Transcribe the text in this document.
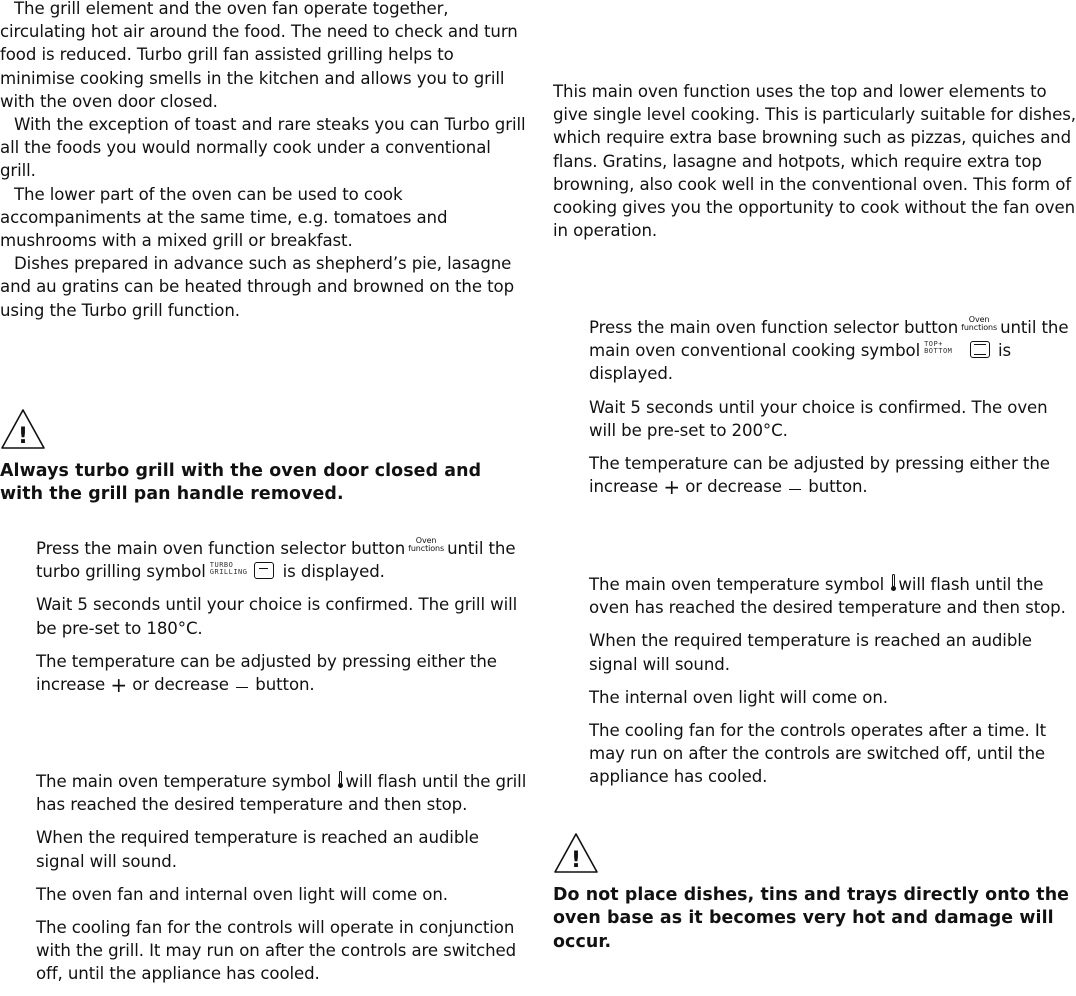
The grill element and the oven fan operate together, circulating hot air around the food. The need to check and turn food is reduced. Turbo grill fan assisted grilling helps to minimise cooking smells in the kitchen and allows you to grill with the oven door closed.

With the exception of toast and rare steaks you can Turbo grill all the foods you would normally cook under a conventional grill.

The lower part of the oven can be used to cook accompaniments at the same time, e.g. tomatoes and mushrooms with a mixed grill or breakfast.

Dishes prepared in advance such as shepherd’s pie, lasagne and au gratins can be heated through and browned on the top using the Turbo grill function.

!

Always turbo grill with the oven door closed and with the grill pan handle removed.

Press the main oven function selector button	Oven
functions until the turbo grilling symbol TURBO
GRILLING is displayed.

Wait 5 seconds until your choice is confirmed. The grill will be pre-set to 180°C.

The temperature can be adjusted by pressing either the increase + or decrease button.

The main oven temperature symbol will flash until the grill has reached the desired temperature and then stop.

When the required temperature is reached an audible signal will sound.

The oven fan and internal oven light will come on.

The cooling fan for the controls will operate in conjunction with the grill. It may run on after the controls are switched off, until the appliance has cooled.

This main oven function uses the top and lower elements to give single level cooking. This is particularly suitable for dishes, which require extra base browning such as pizzas, quiches and flans. Gratins, lasagne and hotpots, which require extra top browning, also cook well in the conventional oven. This form of cooking gives you the opportunity to cook without the fan oven in operation.

Press the main oven function selector button	Oven
functions until the main oven conventional cooking symbol TOP+
BOTTOM	is displayed.

Wait 5 seconds until your choice is confirmed. The oven will be pre-set to 200°C.

The temperature can be adjusted by pressing either the increase + or decrease button.

The main oven temperature symbol will flash until the oven has reached the desired temperature and then stop.

When the required temperature is reached an audible signal will sound.

The internal oven light will come on.

The cooling fan for the controls operates after a time. It may run on after the controls are switched off, until the appliance has cooled.

!

Do not place dishes, tins and trays directly onto the oven base as it becomes very hot and damage will occur.
